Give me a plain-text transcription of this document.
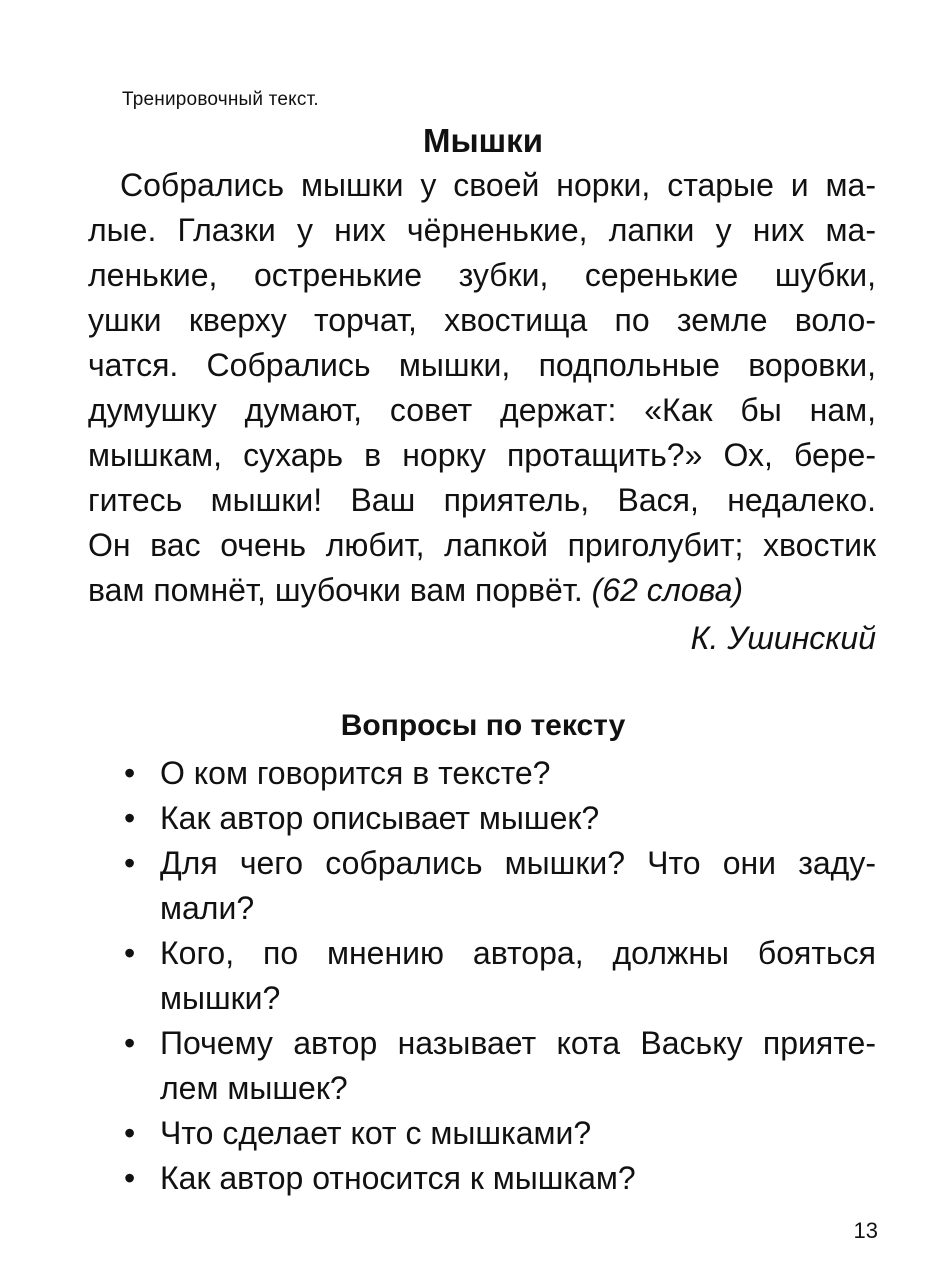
Тренировочный текст.
Мышки
Собрались мышки у своей норки, старые и ма-
лые. Глазки у них чёрненькие, лапки у них ма-
ленькие, остренькие зубки, серенькие шубки,
ушки кверху торчат, хвостища по земле воло-
чатся. Собрались мышки, подпольные воровки,
думушку думают, совет держат: «Как бы нам,
мышкам, сухарь в норку протащить?» Ох, бере-
гитесь мышки! Ваш приятель, Вася, недалеко.
Он вас очень любит, лапкой приголубит; хвостик
вам помнёт, шубочки вам порвёт. (62 слова)
К. Ушинский
Вопросы по тексту
• О ком говорится в тексте?
• Как автор описывает мышек?
• Для чего собрались мышки? Что они заду-
мали?
• Кого, по мнению автора, должны бояться
мышки?
• Почему автор называет кота Ваську прияте-
лем мышек?
• Что сделает кот с мышками?
• Как автор относится к мышкам?
13
